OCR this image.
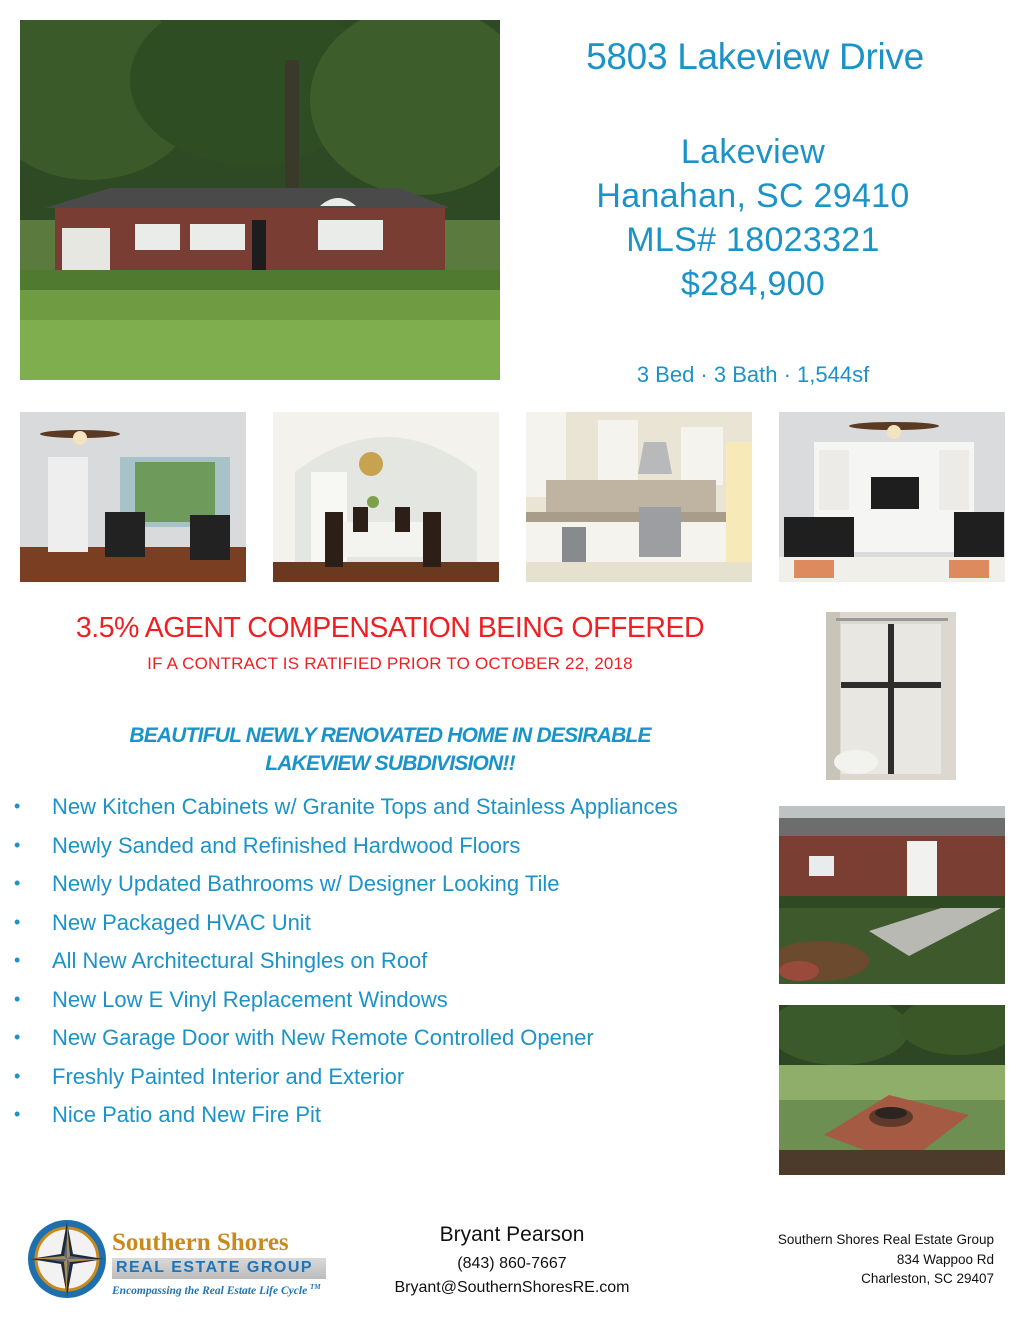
5803 Lakeview Drive
Lakeview
Hanahan, SC 29410
MLS# 18023321
$284,900
3 Bed · 3 Bath · 1,544sf
3.5% AGENT COMPENSATION BEING OFFERED
IF A CONTRACT IS RATIFIED PRIOR TO OCTOBER 22, 2018
BEAUTIFUL NEWLY RENOVATED HOME IN DESIRABLE
LAKEVIEW SUBDIVISION!!
• New Kitchen Cabinets w/ Granite Tops and Stainless Appliances
• Newly Sanded and Refinished Hardwood Floors
• Newly Updated Bathrooms w/ Designer Looking Tile
• New Packaged HVAC Unit
• All New Architectural Shingles on Roof
• New Low E Vinyl Replacement Windows
• New Garage Door with New Remote Controlled Opener
• Freshly Painted Interior and Exterior
• Nice Patio and New Fire Pit
Southern Shores
REAL ESTATE GROUP
Encompassing the Real Estate Life Cycle ™
Bryant Pearson
(843) 860-7667
Bryant@SouthernShoresRE.com
Southern Shores Real Estate Group
834 Wappoo Rd
Charleston, SC 29407
